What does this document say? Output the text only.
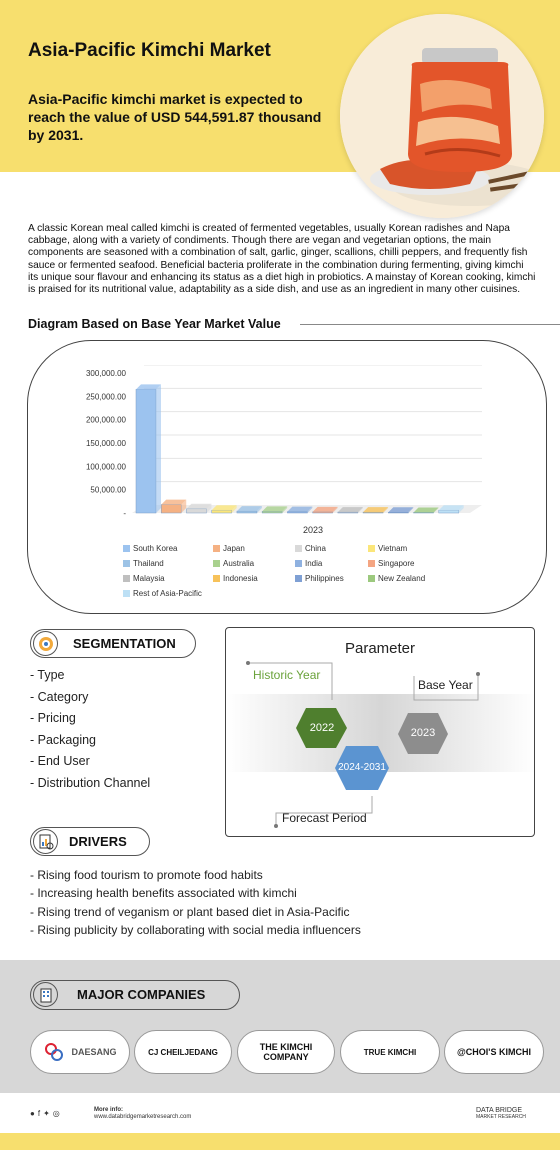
Asia-Pacific Kimchi Market
Asia-Pacific kimchi market is expected to reach the value of USD 544,591.87 thousand by 2031.
A classic Korean meal called kimchi is created of fermented vegetables, usually Korean radishes and Napa cabbage, along with a variety of condiments. Though there are vegan and vegetarian options, the main components are seasoned with a combination of salt, garlic, ginger, scallions, chilli peppers, and frequently fish sauce or fermented seafood. Beneficial bacteria proliferate in the combination during fermenting, giving kimchi its unique sour flavour and enhancing its status as a diet high in probiotics. A mainstay of Korean cooking, kimchi is praised for its nutritional value, adaptability as a side dish, and use as an ingredient in many other cuisines.
Diagram Based on Base Year Market Value
300,000.00
250,000.00
200,000.00
150,000.00
100,000.00
50,000.00
-
2023
South Korea	Japan	China	Vietnam
Thailand	Australia	India	Singapore
Malaysia	Indonesia	Philippines	New Zealand
Rest of Asia-Pacific
SEGMENTATION
- Type
- Category
- Pricing
- Packaging
- End User
- Distribution Channel
Parameter
Historic Year
2022
Base Year
2023
2024-2031
Forecast Period
DRIVERS
- Rising food tourism to promote food habits
- Increasing health benefits associated with kimchi
- Rising trend of veganism or plant based diet in Asia-Pacific
- Rising publicity by collaborating with social media influencers
MAJOR COMPANIES
DAESANG	CJ CHEILJEDANG	THE KIMCHI COMPANY	TRUE KIMCHI	@CHOI'S KIMCHI
●f✦◎	More info:
www.databridgemarketresearch.com
DATA BRIDGE
MARKET RESEARCH
